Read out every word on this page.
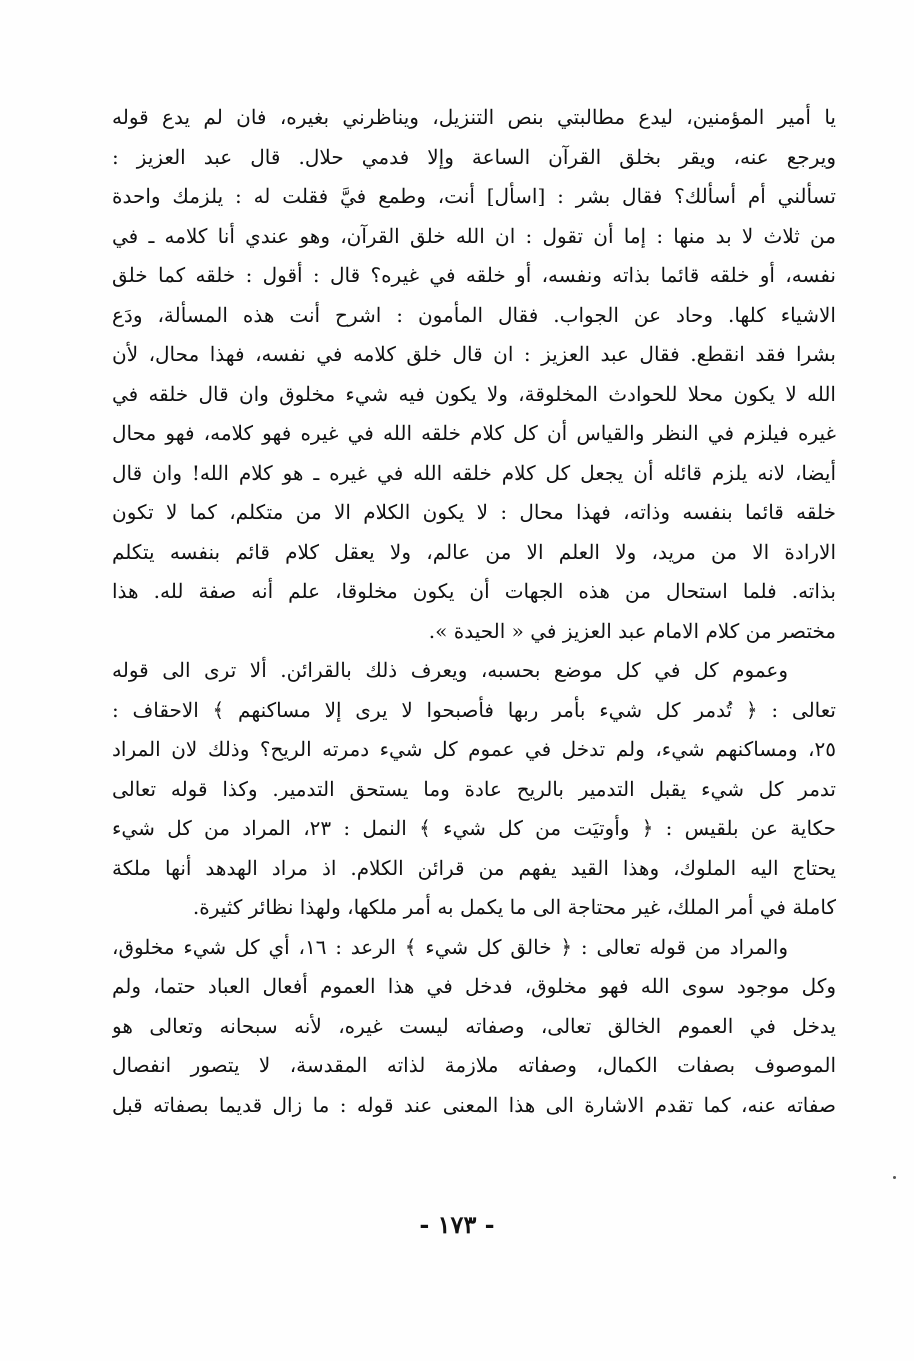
يا أمير المؤمنين، ليدع مطالبتي بنص التنزيل، ويناظرني بغيره، فان لم يدع قوله
ويرجع عنه، ويقر بخلق القرآن الساعة وإلا فدمي حلال. قال عبد العزيز :
تسألني أم أسألك؟ فقال بشر : [اسأل] أنت، وطمع فيَّ فقلت له : يلزمك واحدة
من ثلاث لا بد منها : إما أن تقول : ان الله خلق القرآن، وهو عندي أنا كلامه ـ في
نفسه، أو خلقه قائما بذاته ونفسه، أو خلقه في غيره؟ قال : أقول : خلقه كما خلق
الاشياء كلها. وحاد عن الجواب. فقال المأمون : اشرح أنت هذه المسألة، ودَع
بشرا فقد انقطع. فقال عبد العزيز : ان قال خلق كلامه في نفسه، فهذا محال، لأن
الله لا يكون محلا للحوادث المخلوقة، ولا يكون فيه شيء مخلوق وان قال خلقه في
غيره فيلزم في النظر والقياس أن كل كلام خلقه الله في غيره فهو كلامه، فهو محال
أيضا، لانه يلزم قائله أن يجعل كل كلام خلقه الله في غيره ـ هو كلام الله! وان قال
خلقه قائما بنفسه وذاته، فهذا محال : لا يكون الكلام الا من متكلم، كما لا تكون
الارادة الا من مريد، ولا العلم الا من عالم، ولا يعقل كلام قائم بنفسه يتكلم
بذاته. فلما استحال من هذه الجهات أن يكون مخلوقا، علم أنه صفة لله. هذا
مختصر من كلام الامام عبد العزيز في « الحيدة ».
وعموم كل في كل موضع بحسبه، ويعرف ذلك بالقرائن. ألا ترى الى قوله
تعالى : ﴿ تُدمر كل شيء بأمر ربها فأصبحوا لا يرى إلا مساكنهم ﴾ الاحقاف :
٢٥، ومساكنهم شيء، ولم تدخل في عموم كل شيء دمرته الريح؟ وذلك لان المراد
تدمر كل شيء يقبل التدمير بالريح عادة وما يستحق التدمير. وكذا قوله تعالى
حكاية عن بلقيس : ﴿ وأوتيَت من كل شيء ﴾ النمل : ٢٣، المراد من كل شيء
يحتاج اليه الملوك، وهذا القيد يفهم من قرائن الكلام. اذ مراد الهدهد أنها ملكة
كاملة في أمر الملك، غير محتاجة الى ما يكمل به أمر ملكها، ولهذا نظائر كثيرة.
والمراد من قوله تعالى : ﴿ خالق كل شيء ﴾ الرعد : ١٦، أي كل شيء مخلوق،
وكل موجود سوى الله فهو مخلوق، فدخل في هذا العموم أفعال العباد حتما، ولم
يدخل في العموم الخالق تعالى، وصفاته ليست غيره، لأنه سبحانه وتعالى هو
الموصوف بصفات الكمال، وصفاته ملازمة لذاته المقدسة، لا يتصور انفصال
صفاته عنه، كما تقدم الاشارة الى هذا المعنى عند قوله : ما زال قديما بصفاته قبل
- ١٧٣ -
